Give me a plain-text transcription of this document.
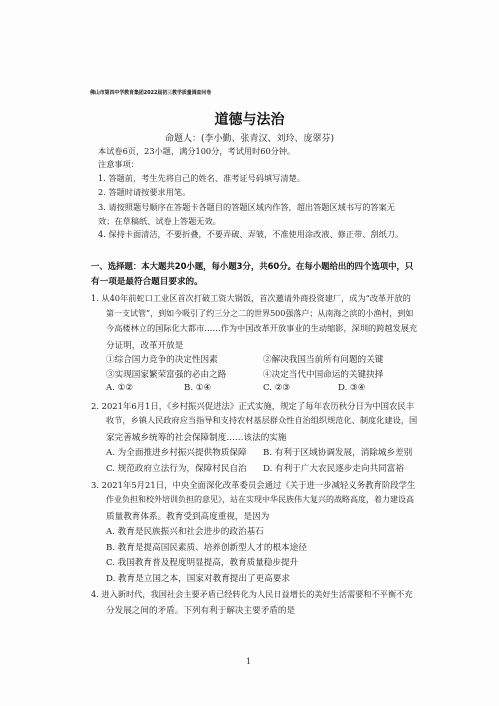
佛山市第四中学教育集团2022届初三教学质量调查问卷
道德与法治
命题人：(李小勤、张青汉、刘玲、庞翠芬)
本试卷6页，23小题，满分100分，考试用时60分钟。
注意事项：
1. 答题前，考生先将自己的姓名、准考证号码填写清楚。
2. 答题时请按要求用笔。
3. 请按照题号顺序在答题卡各题目的答题区域内作答，超出答题区域书写的答案无效；在草稿纸、试卷上答题无效。
4. 保持卡面清洁，不要折叠，不要弄破、弄皱，不准使用涂改液、修正带、刮纸刀。
一、选择题：本大题共20小题，每小题3分，共60分。在每小题给出的四个选项中，只
有一项是最符合题目要求的。
1. 从40年前蛇口工业区首次打破工资大锅饭，首次邀请外商投资建厂，成为“改革开放的
第一支试管”，到如今吸引了约三分之二的世界500强落户；从南海之滨的小渔村，到如
今高楼林立的国际化大都市……作为中国改革开放事业的生动缩影，深圳的跨越发展充
分证明，改革开放是
①综合国力竞争的决定性因素	②解决我国当前所有问题的关键
③实现国家繁荣富强的必由之路	④决定当代中国命运的关键抉择
A. ①②	B. ①④	C. ②③	D. ③④
2. 2021年6月1日，《乡村振兴促进法》正式实施，规定了每年农历秋分日为中国农民丰
收节，乡镇人民政府应当指导和支持农村基层群众性自治组织规范化、制度化建设，国
家完善城乡统筹的社会保障制度……该法的实施
A. 为全面推进乡村振兴提供物质保障 B. 有利于区域协调发展，消除城乡差别
C. 规范政府立法行为，保障村民自治 D. 有利于广大农民逐步走向共同富裕
3. 2021年5月21日，中央全面深化改革委员会通过《关于进一步减轻义务教育阶段学生
作业负担和校外培训负担的意见》，站在实现中华民族伟大复兴的战略高度，着力建设高
质量教育体系。教育受到高度重视，是因为
A. 教育是民族振兴和社会进步的政治基石
B. 教育是提高国民素质、培养创新型人才的根本途径
C. 我国教育普及程度明显提高，教育质量稳步提升
D. 教育是立国之本，国家对教育提出了更高要求
4. 进入新时代，我国社会主要矛盾已经转化为人民日益增长的美好生活需要和不平衡不充
分发展之间的矛盾。下列有利于解决主要矛盾的是
1
